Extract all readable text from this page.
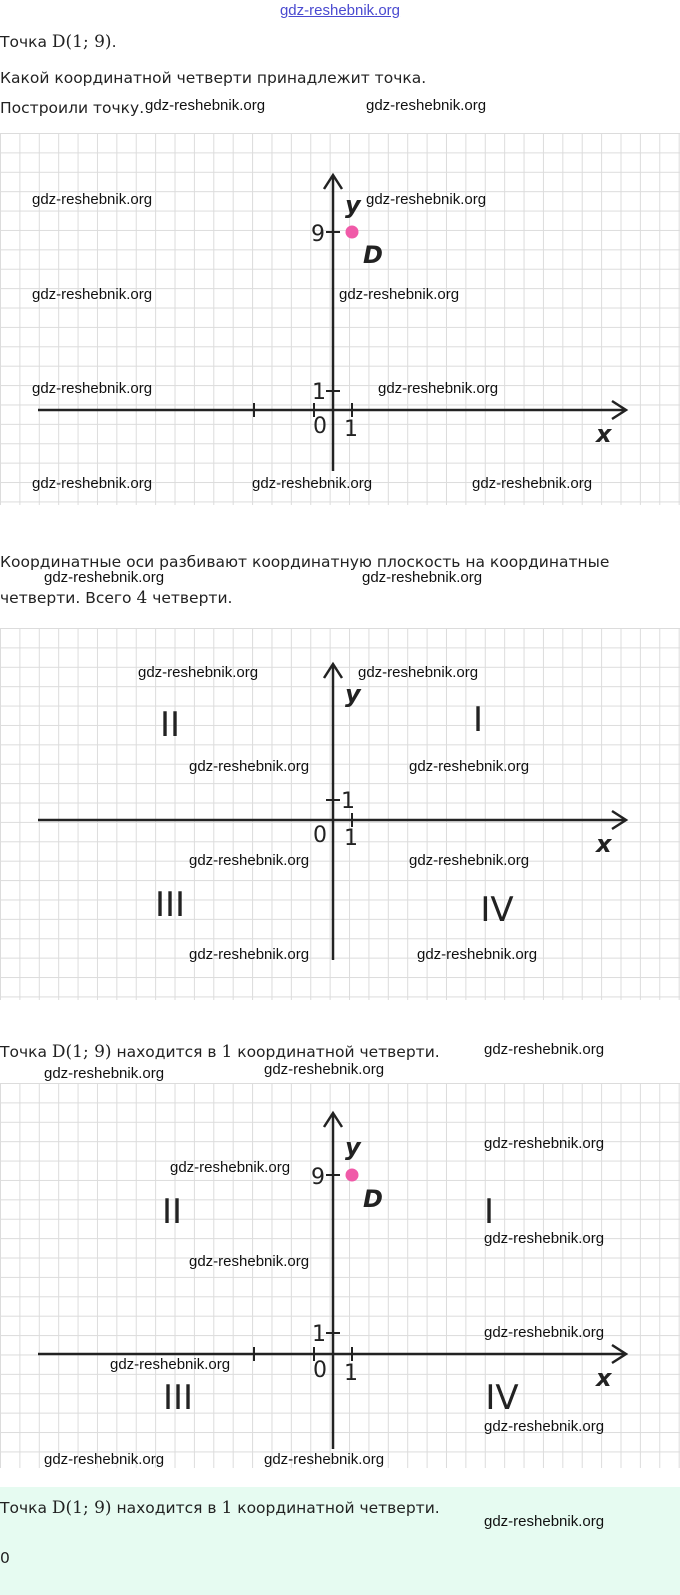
gdz-reshebnik.org
Точка D(1; 9).
Какой координатной четверти принадлежит точка.
Построили точку.
9
1
0 1
y
x
D
Координатные оси разбивают координатную плоскость на координатные
четверти. Всего 4 четверти.
1
0 1
y
x
II	I
III	IV
Точка D(1; 9) находится в 1 координатной четверти.
9
1
0 1
y
x
D
II	I
III	IV
Точка D(1; 9) находится в 1 координатной четверти.
0
gdz-reshebnik.org	gdz-reshebnik.org
gdz-reshebnik.org	gdz-reshebnik.org
gdz-reshebnik.org	gdz-reshebnik.org
gdz-reshebnik.org	gdz-reshebnik.org
gdz-reshebnik.org	gdz-reshebnik.org	gdz-reshebnik.org
gdz-reshebnik.org	gdz-reshebnik.org
gdz-reshebnik.org	gdz-reshebnik.org
gdz-reshebnik.org	gdz-reshebnik.org
gdz-reshebnik.org	gdz-reshebnik.org
gdz-reshebnik.org	gdz-reshebnik.org
gdz-reshebnik.org
gdz-reshebnik.org	gdz-reshebnik.org
gdz-reshebnik.org
gdz-reshebnik.org
gdz-reshebnik.org
gdz-reshebnik.org
gdz-reshebnik.org
gdz-reshebnik.org
gdz-reshebnik.org
gdz-reshebnik.org	gdz-reshebnik.org
gdz-reshebnik.org
